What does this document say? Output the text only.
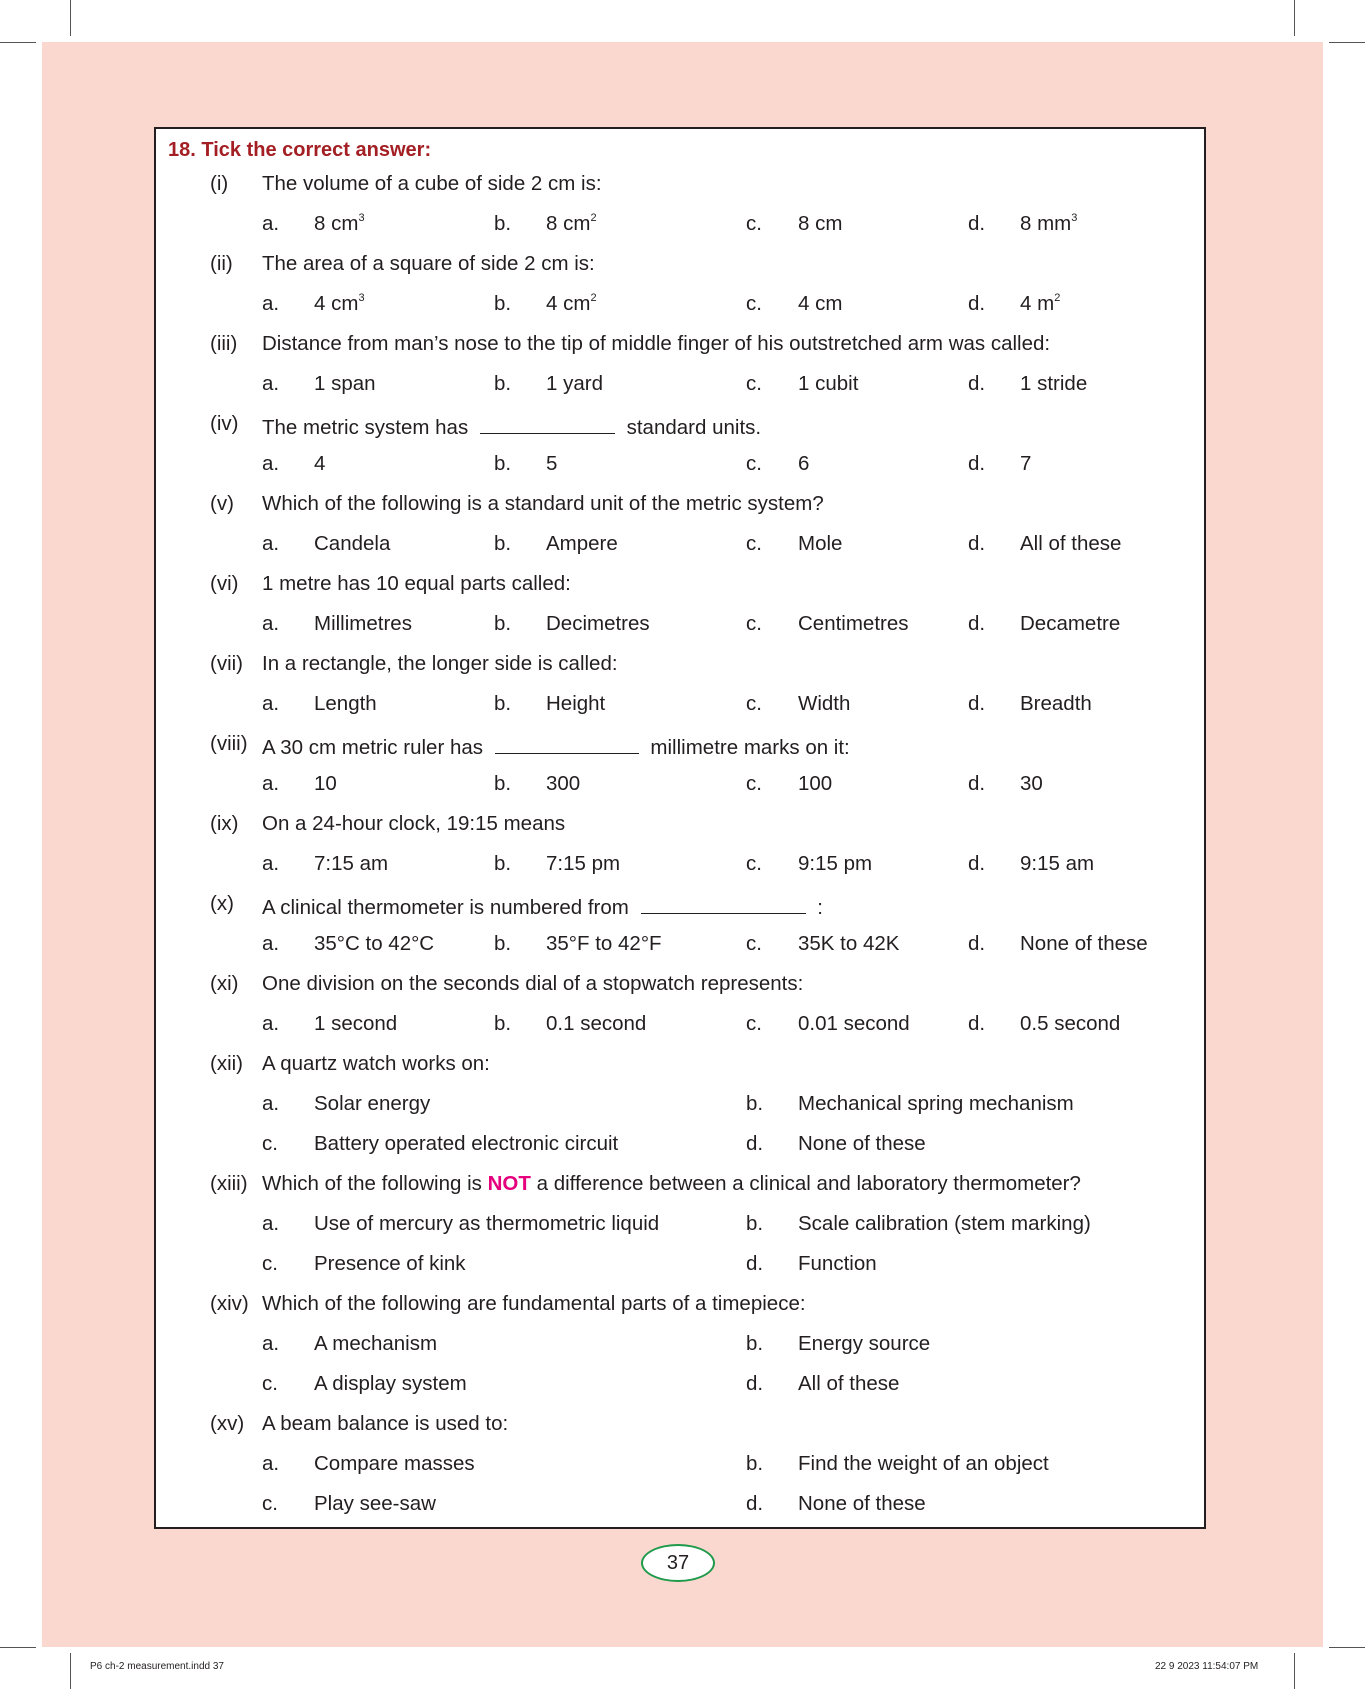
18. Tick the correct answer:
(i) The volume of a cube of side 2 cm is:
a. 8 $cm^3$	b. 8 $cm^2$	c. 8 cm	d. 8 $mm^3$
(ii) The area of a square of side 2 cm is:
a. 4 $cm^3$	b. 4 $cm^2$	c. 4 cm	d. 4 $m^2$
(iii) Distance from man’s nose to the tip of middle finger of his outstretched arm was called:
a. 1 span	b. 1 yard	c. 1 cubit	d. 1 stride
(iv) The metric system has	standard units.
a. 4	b. 5	c. 6	d. 7
(v) Which of the following is a standard unit of the metric system?
a. Candela	b. Ampere	c. Mole	d. All of these
(vi) 1 metre has 10 equal parts called:
a. Millimetres	b. Decimetres	c. Centimetres	d. Decametre
(vii) In a rectangle, the longer side is called:
a. Length	b. Height	c. Width	d. Breadth
(viii) A 30 cm metric ruler has	millimetre marks on it:
a. 10	b. 300	c. 100	d. 30
(ix) On a 24-hour clock, 19:15 means
a. 7:15 am	b. 7:15 pm	c. 9:15 pm	d. 9:15 am
(x) A clinical thermometer is numbered from	:
a. 35°C to 42°C	b. 35°F to 42°F	c. 35K to 42K	d. None of these
(xi) One division on the seconds dial of a stopwatch represents:
a. 1 second	b. 0.1 second	c. 0.01 second	d. 0.5 second
(xii) A quartz watch works on:
a. Solar energy	b. Mechanical spring mechanism
c. Battery operated electronic circuit	d. None of these
(xiii) Which of the following is NOT a difference between a clinical and laboratory thermometer?
a. Use of mercury as thermometric liquid	b. Scale calibration (stem marking)
c. Presence of kink	d. Function
(xiv) Which of the following are fundamental parts of a timepiece:
a. A mechanism	b. Energy source
c. A display system	d. All of these
(xv) A beam balance is used to:
a. Compare masses	b. Find the weight of an object
c. Play see-saw	d. None of these
37
P6 ch-2 measurement.indd 37	22 9 2023 11:54:07 PM
